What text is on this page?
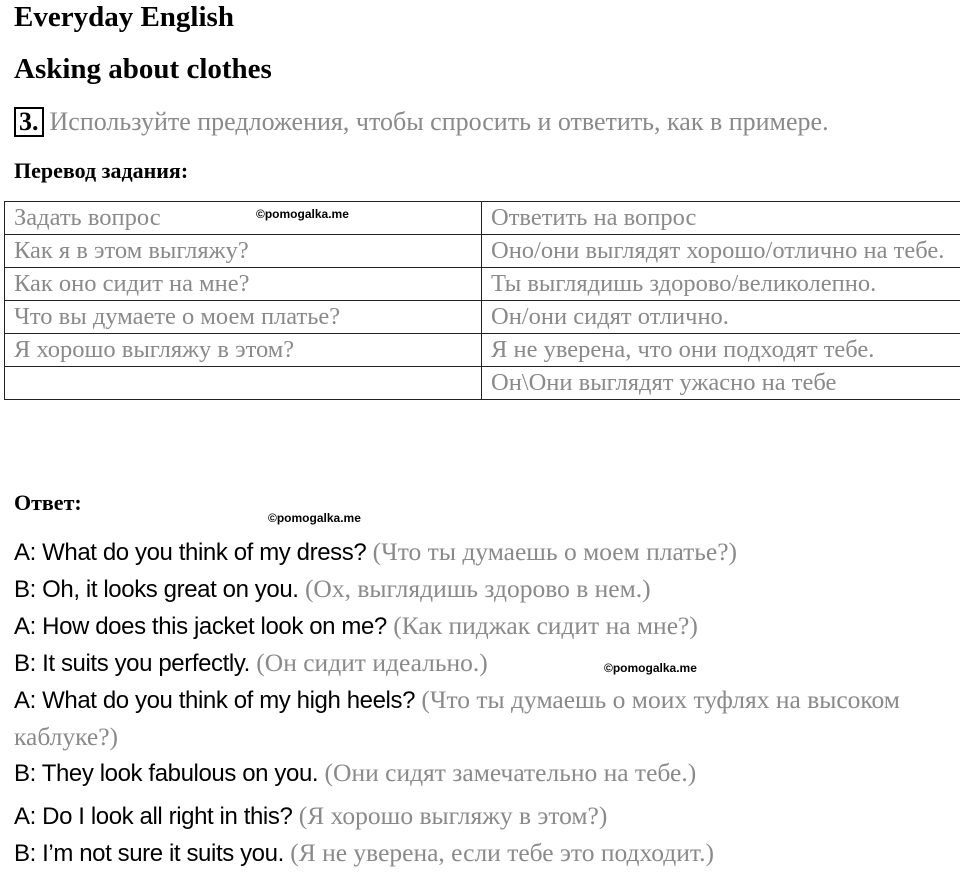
Everyday English
Asking about clothes
3. Используйте предложения, чтобы спросить и ответить, как в примере.
Перевод задания:
Задать вопрос	Ответить на вопрос
Как я в этом выгляжу?	Оно/они выглядят хорошо/отлично на тебе.
Как оно сидит на мне?	Ты выглядишь здорово/великолепно.
Что вы думаете о моем платье?	Он/они сидят отлично.
Я хорошо выгляжу в этом?	Я не уверена, что они подходят тебе.
	Он\Они выглядят ужасно на тебе
©pomogalka.me
Ответ:
©pomogalka.me
©pomogalka.me
A: What do you think of my dress? (Что ты думаешь о моем платье?)
B: Oh, it looks great on you. (Ох, выглядишь здорово в нем.)
A: How does this jacket look on me? (Как пиджак сидит на мне?)
B: It suits you perfectly. (Он сидит идеально.)
A: What do you think of my high heels? (Что ты думаешь о моих туфлях на высоком каблуке?)
B: They look fabulous on you. (Они сидят замечательно на тебе.)
A: Do I look all right in this? (Я хорошо выгляжу в этом?)
B: I’m not sure it suits you. (Я не уверена, если тебе это подходит.)
